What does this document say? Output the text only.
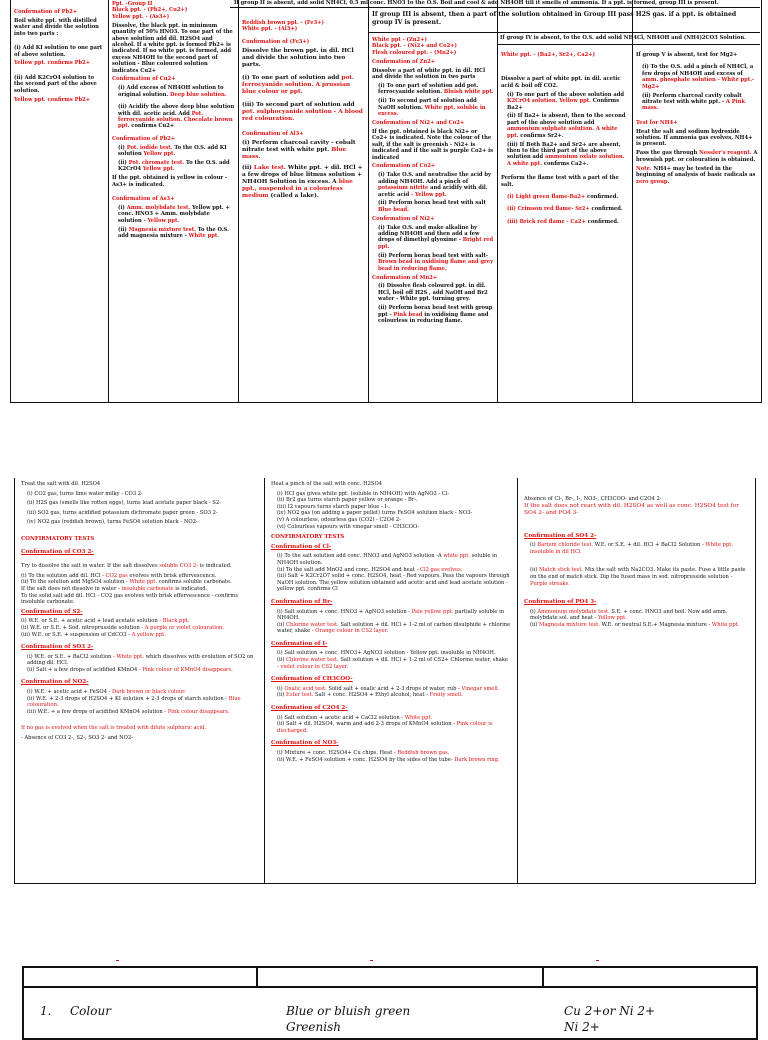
If group II is absent, add solid NH4Cl, 0.5 ml conc. HNO3 to the O.S. Boil and cool & add NH4OH till it smells of ammonia. If a ppt. is formed, group III is present.
If group III is absent, then a part of the solution obtained in Group III pass H2S gas. if a ppt. is obtained group IV is present.
If group IV is absent, to the O.S. add solid NH4Cl, NH4OH and (NH4)2CO3 Solution.

Confirmation of Pb2+

Boil white ppt. with distilled water and divide the solution into two parts :

(i) Add KI solution to one part of above solution.

Yellow ppt. confirms Pb2+

(ii) Add K2CrO4 solution to the second part of the above solution.

Yellow ppt. confirms Pb2+

Ppt. -Group II

Black ppt. - (Pb2+, Cu2+)

Yellow ppt. - (As3+)

Dissolve, the black ppt. in minimum quantity of 50% HNO3. To one part of the above solution add dil. H2SO4 and alcohol. If a white ppt. is formed Pb2+ is indicated. If no white ppt. is formed, add excess NH4OH to the second part of solution - Blue coloured solution indicates Cu2+

Confirmation of Cu2+

(i) Add excess of NH4OH solution to original solution. Deep blue solution.

(ii) Acidify the above deep blue solution with dil. acetic acid. Add Pot. ferrocyanide solution. Chocolate brown ppt. confirms Cu2+

Confirmation of Pb2+

(i) Pot. iodide test. To the O.S. add KI solution Yellow ppt.

(ii) Pot. chromate test. To the O.S. add K2CrO4 Yellow ppt.

If the ppt. obtained is yellow in colour - As3+ is indicated.

Confirmation of As3+

(i) Amm. molybdate test. Yellow ppt. + conc. HNO3 + Amm. molybdate solution - Yellow ppt.

(ii) Magnesia mixture test. To the O.S. add magnesia mixture - White ppt.

Reddish brown ppt. - (Fe3+)

White ppt. - (Al3+)

Confirmation of (Fe3+)

Dissolve the brown ppt. in dil. HCl and divide the solution into two parts.

(i) To one part of solution add pot. ferrocyanide solution. A prussian blue colour or ppt.

(iii) To second part of solution add pot. sulphocyanide solution - A blood red colouration.

Confirmation of Al3+

(i) Perform charcoal cavity - cobalt nitrate test with white ppt. Blue mass.

(ii) Lake test. White ppt. + dil. HCl + a few drops of blue litmus solution + NH4OH Solution in excess. A blue ppt., suspended in a colourless medium (called a lake).

White ppt - (Zn2+)

Black ppt. - (Ni2+ and Co2+)

Flesh coloured ppt. - (Mn2+)

Confirmation of Zn2+

Dissolve a part of white ppt. in dil. HCl and divide the solution in two parts

(i) To one part of solution add pot. ferrocyanide solution. Bluish white ppt.

(ii) To second part of solution add NaOH solution. White ppt. soluble in excess.

Confirmation of Ni2+ and Co2+

If the ppt. obtained is black Ni2+ or Co2+ is indicated. Note the colour of the salt, if the salt is greenish - Ni2+ is indicated and if the salt is purple Co2+ is indicated

Confirmation of Co2+

(i) Take O.S. and neutralise the acid by adding NH4OH. Add a pinch of potassium nitrite and acidify with dil. acetic acid - Yellow ppt.

(ii) Perform borax bead test with salt Blue bead.

Confirmation of Ni2+

(i) Take O.S. and make alkaline by adding NH4OH and then add a few drops of dimethyl glyoxime - Bright red ppt.

(ii) Perform borax bead test with salt- Brown bead in oxidising flame and grey bead in reducing flame.

Confirmation of Mn2+

(i) Dissolve flesh coloured ppt. in dil. HCl, boil off H2S , add NaOH and Br2 water - White ppt. turning grey.

(ii) Perform borax bead test with group ppt - Pink bead in oxidising flame and colourless in reducing flame.

White ppt. - (Ba2+, Sr2+, Ca2+)

Dissolve a part of white ppt. in dil. acetic acid & boil off CO2.

(i) To one part of the above solution add K2CrO4 solution. Yellow ppt. Confirms Ba2+

(ii) If Ba2+ is absent, then to the second part of the above solution add ammonium sulphate solution. A white ppt. confirms Sr2+.

(iii) If Both Ba2+ and Sr2+ are absent, then to the third part of the above solution add ammonium oxlate solution. A white ppt. confirms Ca2+.

Perform the flame test with a part of the salt.

(i) Light green flame-Ba2+ confirmed.

(ii) Crimson red flame- Sr2+ confirmed.

(iii) Brick red flame - Ca2+ confirmed.

If group V is absent, test for Mg2+

(i) To the O.S. add a pinch of NH4Cl, a few drops of NH4OH and excess of amm. phosphate solution - White ppt.- Mg2+

(ii) Perform charcoal cavity cobalt nitrate test with white ppt. - A Pink mass.

Test for NH4+

Heat the salt and sodium hydroxide solution. If ammonia gas evolves, NH4+ is present.

Pass the gas through Nessler's reagent. A brownish ppt. or colouration is obtained.

Note. NH4+ may be tested in the beginning of analysis of basic radicals as zero group.

Treat the salt with dil. H2SO4

(i) CO2 gas, turns lime water milky - CO3 2-

(ii) H2S gas (smells like rotten eggs), turns lead acetate paper black - S2-

(iii) SO2 gas, turns acidified potassium dichromate paper green - SO3 2-

(iv) NO2 gas (reddish brown), turns FeSO4 solution black - NO2-

CONFIRMATORY TESTS

Confirmation of CO3 2-

Try to dissolve the salt in water. If the salt dissolves soluble CO3 2- is indicated.

(i) To the solution add dil. HCl - CO2 gas evolves with brisk effervescence.

(ii) To the solution add MgSO4 solution - White ppt. confirms soluble carbonate.

If the salt does not dissolve in water - insoluble carbonate is indicated.

To the solid salt add dil. HCl - CO2 gas evolves with brisk effervescence - confirms insoluble carbonate.

Confirmation of S2-

(i) W.E. or S.E. + acetic acid + lead acetate solution - Black ppt.

(ii) W.E. or S.E. + Sod. nitroprusside solution - A purple or violet colouration.

(iii) W.E. or S.E. + suspension of CdCO3 - A yellow ppt.

Confirmation of SO3 2-

(i) W.E. or S.E. + BaCl2 solution - White ppt. which dissolves with evolution of SO2 on adding dil. HCl.

(ii) Salt + a few drops of acidified KMnO4 - Pink colour of KMnO4 disappears.

Confirmation of NO2-

(i) W.E. + acetic acid + FeSO4 - Dark brown or black colour.

(ii) W.E. + 2-3 drops of H2SO4 + KI solution + 2-3 drops of starch solution - Blue colouration.

(iii) W.E. + a few drops of acidified KMnO4 solution - Pink colour disappears.

If no gas is evolved when the salt is treated with dilute sulphuric acid.

- Absence of CO3 2-, S2-, SO3 2- and NO2-

Heat a pinch of the salt with conc. H2SO4

(i) HCl gas gives white ppt. (soluble in NH4OH) with AgNO3 - Cl-

(ii) Br2 gas turns starch paper yellow or orange - Br-.

(iii) I2 vapours turns starch paper blue - I-.

(iv) NO2 gas (on adding a paper pellet) turns FeSO4 solution black - NO3-

(v) A colourless, odourless gas (CO2) - C2O4 2-

(vi) Colourless vapours with vinegar smell - CH3COO-

CONFIRMATORY TESTS

Confirmation of Cl-

(i) To the salt solution add conc. HNO3 and AgNO3 solution -A white ppt. soluble in NH4OH solution.

(ii) To the salt add MnO2 and conc. H2SO4 and heat - Cl2 gas evolves.

(iii) Salt + K2Cr2O7 solid + conc. H2SO4, heat - Red vapours. Pass the vapours through NaOH solution. The yellow solution obtained add acetic acid and lead acetate solution - yellow ppt. confirms Cl

Confirmation of Br-

(i) Salt solution + conc. HNO3 + AgNO3 solution - Pale yellow ppt. partially soluble in NH4OH.

(ii) Chlorine water test. Salt solution + dil. HCl + 1-2 ml of carbon disulphide + chlorine water, shake - Orange colour in CS2 layer.

Confirmation of I-

(i) Salt solution + conc. HNO3+ AgNO3 solution - Yellow ppt. insoluble in NH4OH.

(ii) Chlorine water test. Salt solution + dil. HCl + 1-2 ml of CS2+ Chlorine water, shake - violet colour in CS2 layer.

Confirmation of CH3COO-

(i) Oxalic acid test. Solid salt + oxalic acid + 2-3 drops of water, rub - Vinegar smell.

(ii) Ester test. Salt + conc. H2SO4 + Ethyl alcohol, heat - Fruity smell.

Confirmation of C2O4 2-

(i) Salt solution + acetic acid + CaCl2 solution - White ppt.

(ii) Salt + dil. H2SO4, warm and add 2-3 drops of KMnO4 solution - Pink colour is discharged.

Confirmation of NO3-

(i) Mixture + conc. H2SO4+ Cu chips. Heat - Reddish brown gas.

(ii) W.E. + FeSO4 solution + conc. H2SO4 by the sides of the tube- Dark brown ring.

Absence of Cl-, Br-, I-, NO3-, CH3COO- and C2O4 2-

If the salt does not react with dil. H2SO4 as well as conc. H2SO4 test for SO4 2- and PO4 3-

Confirmation of SO4 2-

(i) Barium chloride test. W.E. or S.E. + dil. HCl + BaCl2 Solution - White ppt. insoluble in dil HCl

(ii) Match stick test. Mix the salt with Na2CO3. Make its paste. Fuse a little paste on the end of match stick. Dip the fused mass in sod. nitroprusside solution - Purple streaks.

Confirmation of PO4 3-

(i) Ammonium molybdate test. S.E. + conc. HNO3 and boil. Now add amm. molybdate sol. and heat - Yellow ppt.

(ii) Magnesia mixture test. W.E. or neutral S.E.+ Magnesia mixture - White ppt.

1. Colour	Blue or bluish green
Greenish
Cu 2+or Ni 2+
Ni 2+
